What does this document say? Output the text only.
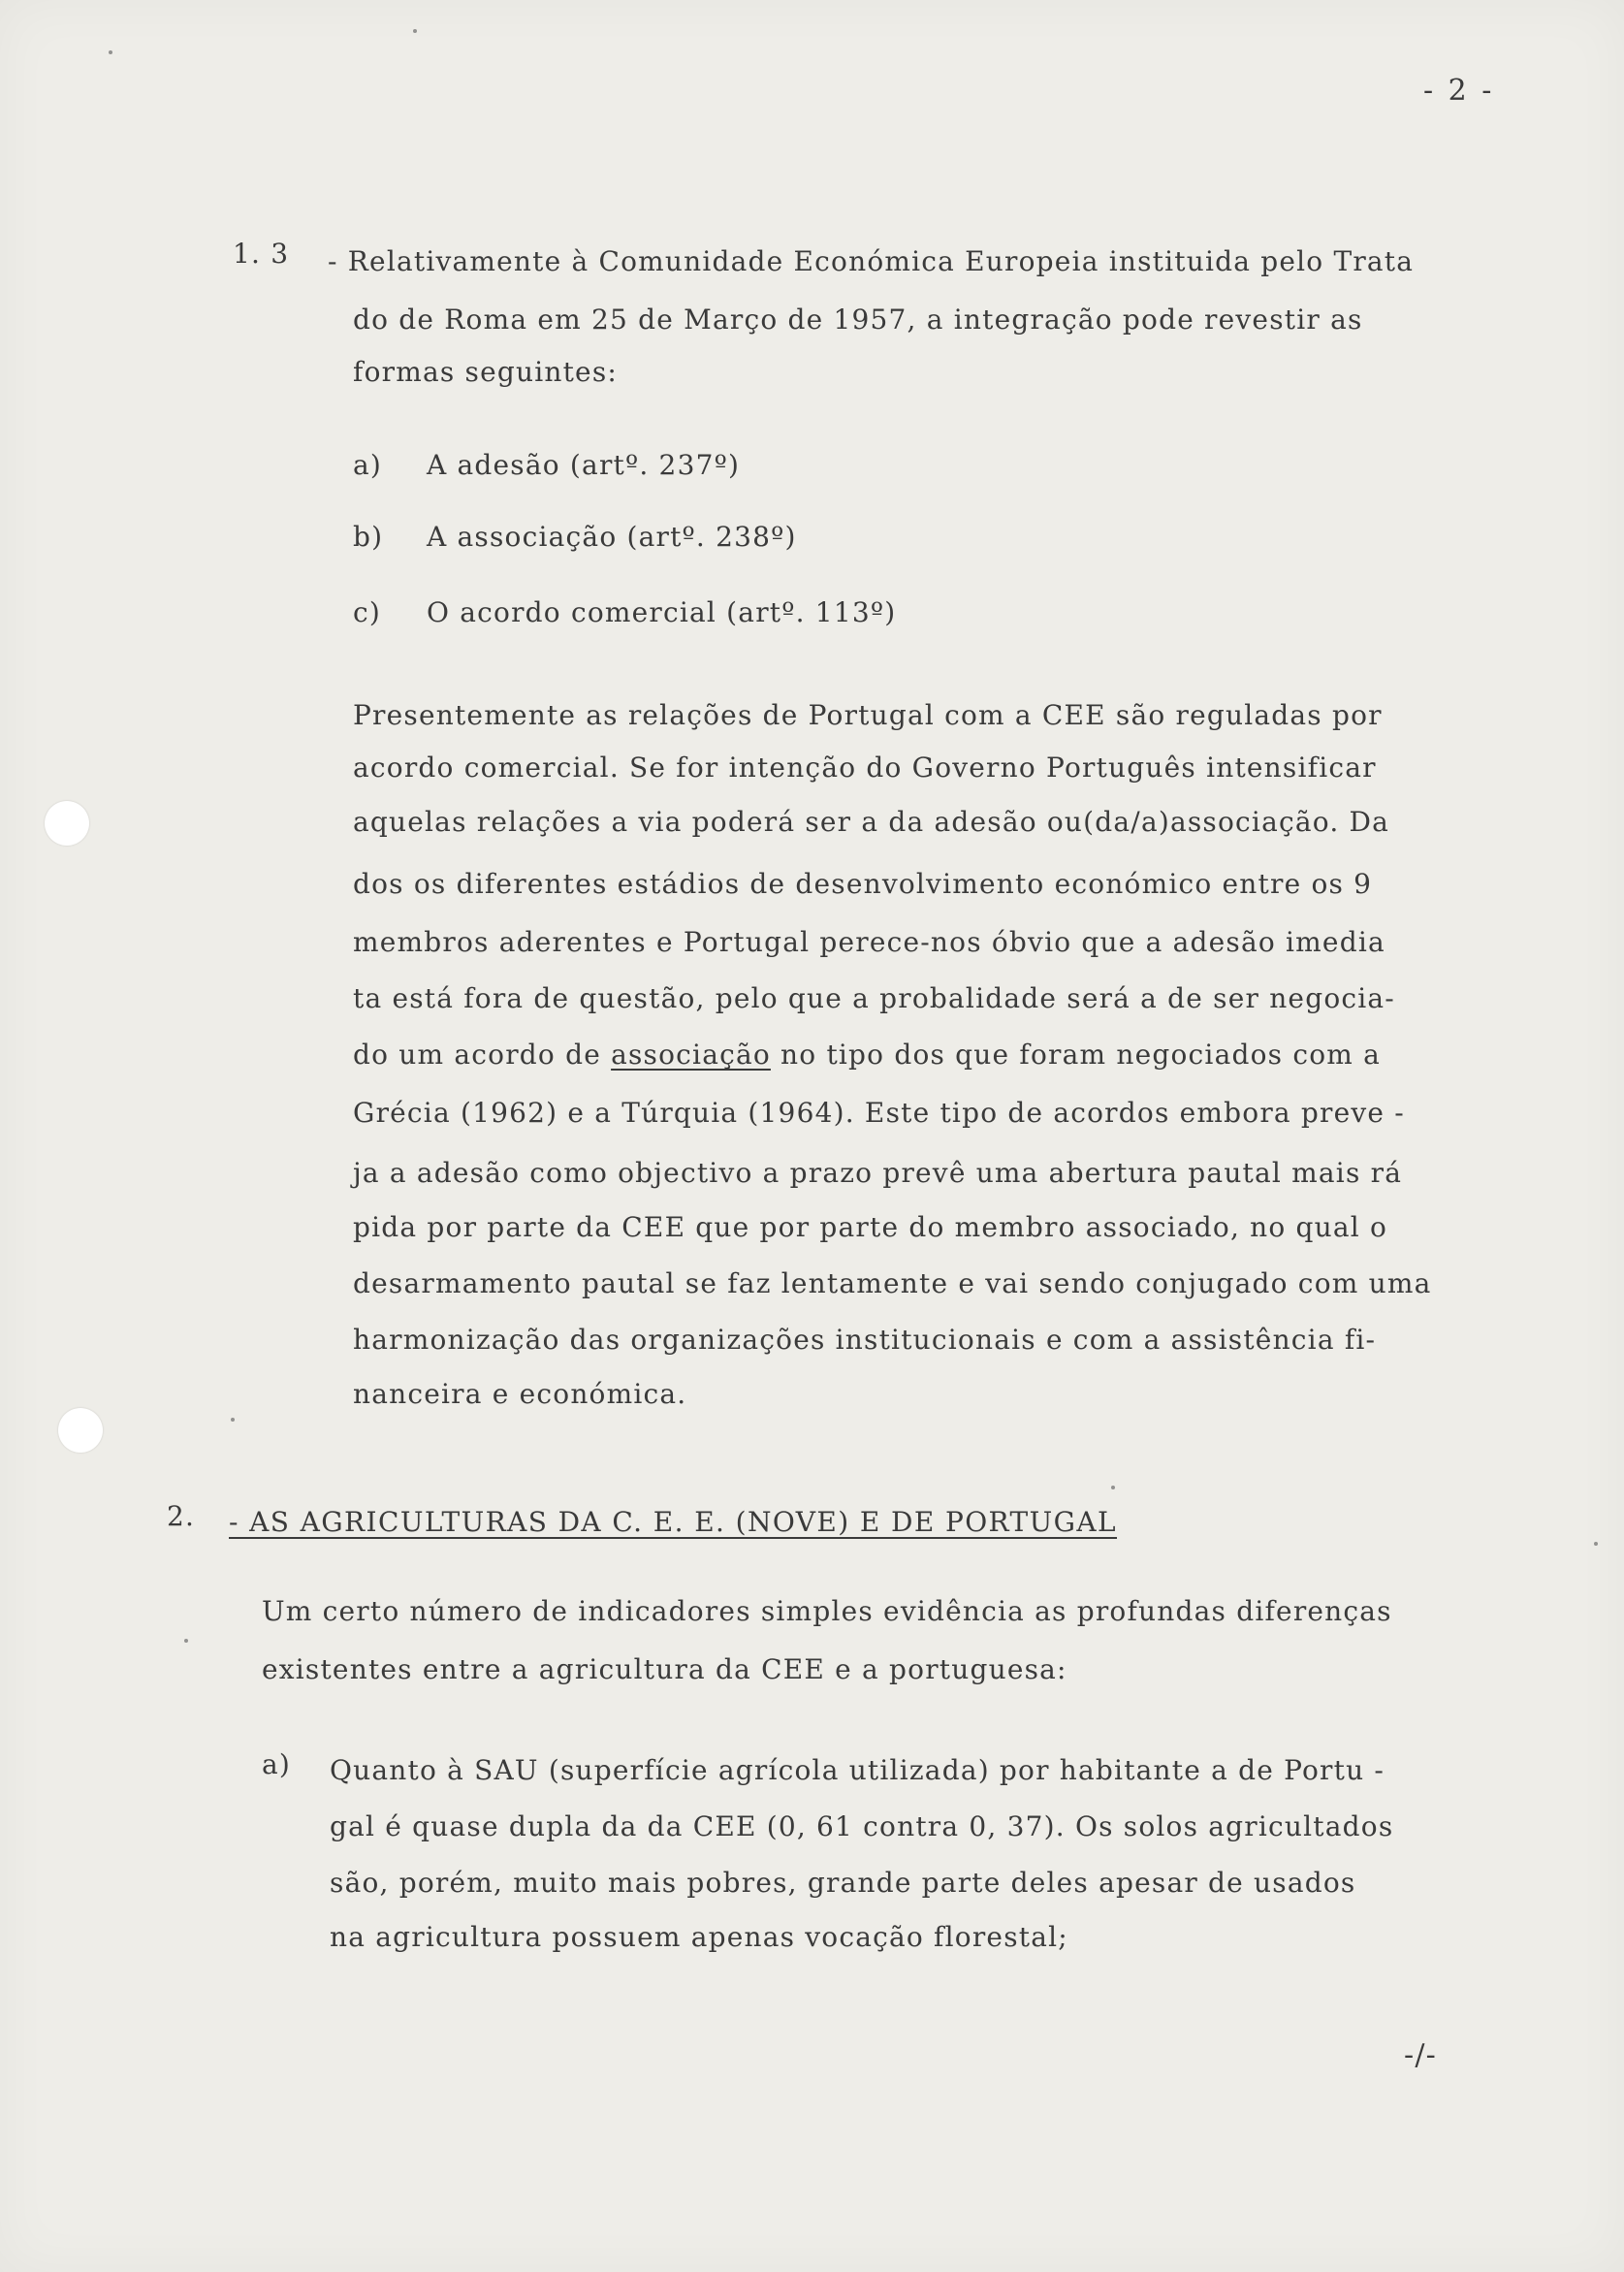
- 2 -
1. 3 - Relativamente à Comunidade Económica Europeia instituida pelo Trata
do de Roma em 25 de Março de 1957, a integração pode revestir as
formas seguintes:
a) A adesão (artº. 237º)
b) A associação (artº. 238º)
c) O acordo comercial (artº. 113º)
Presentemente as relações de Portugal com a CEE são reguladas por
acordo comercial. Se for intenção do Governo Português intensificar
aquelas relações a via poderá ser a da adesão ou(da/a)associação. Da
dos os diferentes estádios de desenvolvimento económico entre os 9
membros aderentes e Portugal perece-nos óbvio que a adesão imedia
ta está fora de questão, pelo que a probalidade será a de ser negocia-
do um acordo de associação no tipo dos que foram negociados com a
Grécia (1962) e a Túrquia (1964). Este tipo de acordos embora preve -
ja a adesão como objectivo a prazo prevê uma abertura pautal mais rá
pida por parte da CEE que por parte do membro associado, no qual o
desarmamento pautal se faz lentamente e vai sendo conjugado com uma
harmonização das organizações institucionais e com a assistência fi-
nanceira e económica.
2. - AS AGRICULTURAS DA C. E. E. (NOVE) E DE PORTUGAL
Um certo número de indicadores simples evidência as profundas diferenças
existentes entre a agricultura da CEE e a portuguesa:
a) Quanto à SAU (superfície agrícola utilizada) por habitante a de Portu -
gal é quase dupla da da CEE (0, 61 contra 0, 37). Os solos agricultados
são, porém, muito mais pobres, grande parte deles apesar de usados
na agricultura possuem apenas vocação florestal;
-/-
